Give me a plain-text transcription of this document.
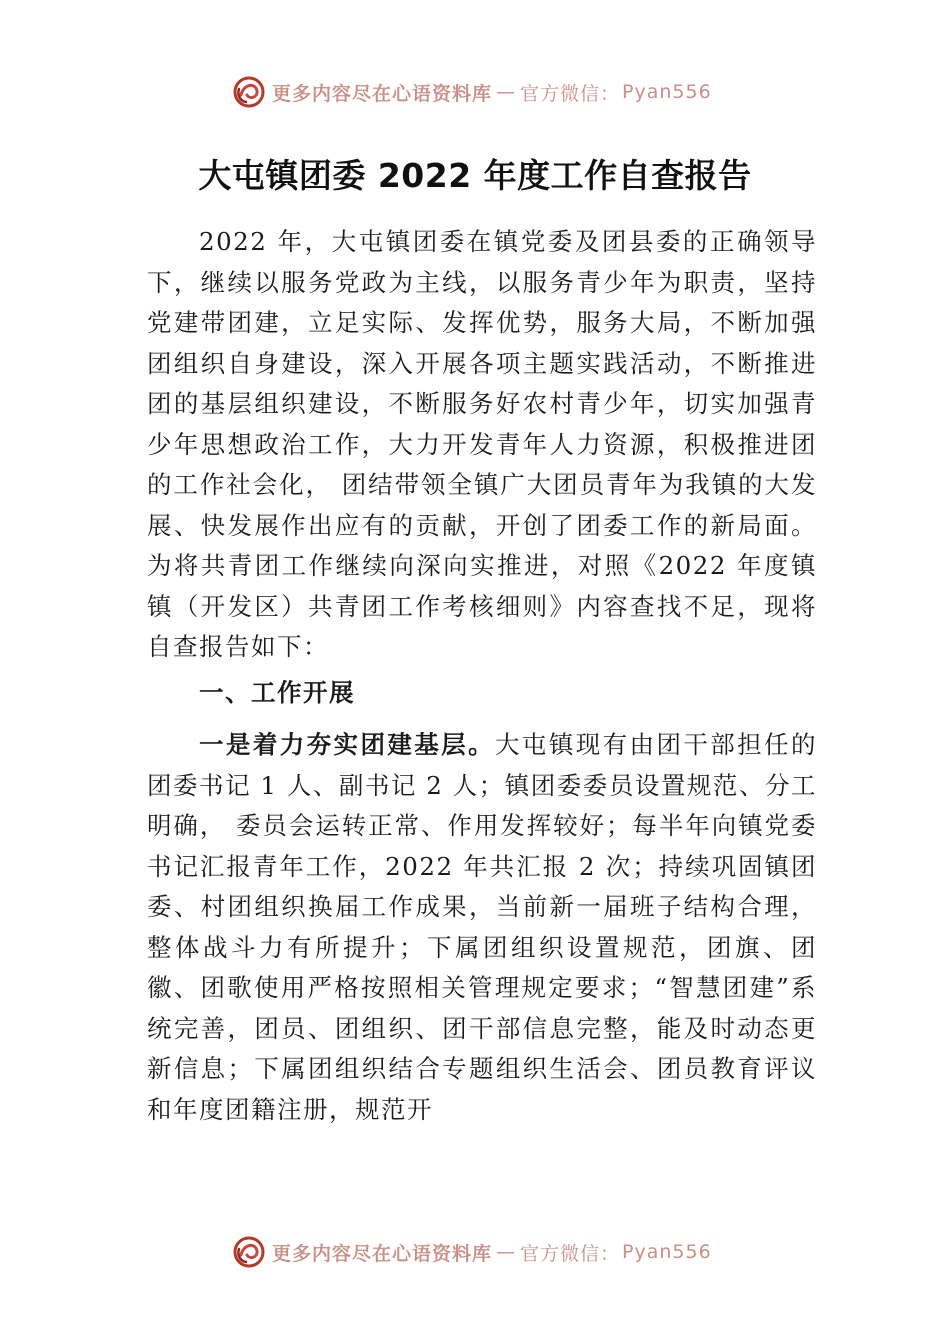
更多内容尽在心语资料库 — 官方微信： Pyan556
大屯镇团委 2022 年度工作自查报告

2022 年，大屯镇团委在镇党委及团县委的正确领导下，继续以服务党政为主线，以服务青少年为职责，坚持党建带团建，立足实际、发挥优势，服务大局，不断加强团组织自身建设，深入开展各项主题实践活动，不断推进团的基层组织建设，不断服务好农村青少年，切实加强青少年思想政治工作，大力开发青年人力资源，积极推进团的工作社会化， 团结带领全镇广大团员青年为我镇的大发展、快发展作出应有的贡献，开创了团委工作的新局面。为将共青团工作继续向深向实推进，对照《2022 年度镇镇（开发区）共青团工作考核细则》内容查找不足，现将自查报告如下：

一、工作开展

一是着力夯实团建基层。大屯镇现有由团干部担任的团委书记 1 人、副书记 2 人；镇团委委员设置规范、分工明确， 委员会运转正常、作用发挥较好；每半年向镇党委书记汇报青年工作，2022 年共汇报 2 次；持续巩固镇团委、村团组织换届工作成果，当前新一届班子结构合理，整体战斗力有所提升；下属团组织设置规范，团旗、团徽、团歌使用严格按照相关管理规定要求；“智慧团建”系统完善，团员、团组织、团干部信息完整，能及时动态更新信息；下属团组织结合专题组织生活会、团员教育评议和年度团籍注册，规范开

更多内容尽在心语资料库 — 官方微信： Pyan556
